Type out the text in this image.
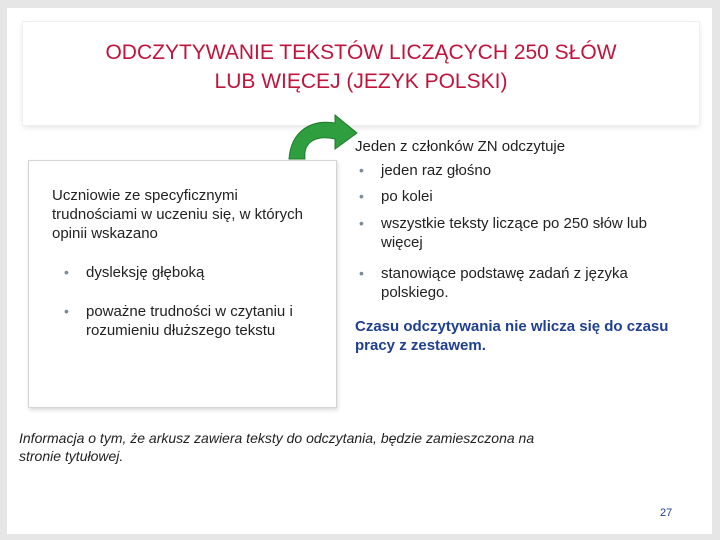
ODCZYTYWANIE TEKSTÓW LICZĄCYCH 250 SŁÓW
LUB WIĘCEJ (JEZYK POLSKI)

Uczniowie ze specyficznymi trudnościami w uczeniu się, w których opinii wskazano

• dysleksję głęboką
• poważne trudności w czytaniu i rozumieniu dłuższego tekstu

Jeden z członków ZN odczytuje

• jeden raz głośno
• po kolei
• wszystkie teksty liczące po 250 słów lub więcej
• stanowiące podstawę zadań z języka polskiego.

Czasu odczytywania nie wlicza się do czasu pracy z zestawem.

Informacja o tym, że arkusz zawiera teksty do odczytania, będzie zamieszczona na stronie tytułowej.

27
